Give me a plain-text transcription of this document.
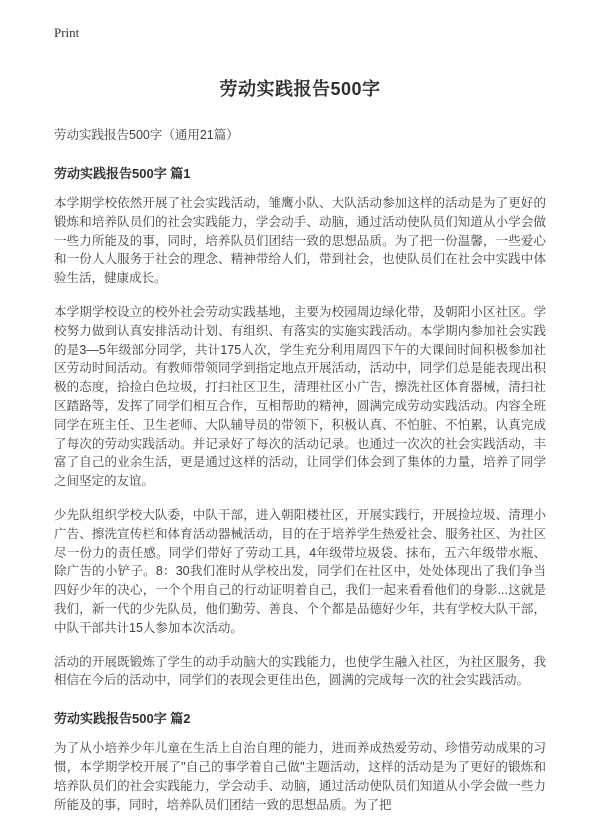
Print
劳动实践报告500字
劳动实践报告500字（通用21篇）
劳动实践报告500字 篇1

本学期学校依然开展了社会实践活动，雏鹰小队、大队活动参加这样的活动是为了更好的锻炼和培养队员们的社会实践能力，学会动手、动脑，通过活动使队员们知道从小学会做一些力所能及的事，同时，培养队员们团结一致的思想品质。为了把一份温馨，一些爱心和一份人人服务于社会的理念、精神带给人们，带到社会，也使队员们在社会中实践中体验生活，健康成长。

本学期学校设立的校外社会劳动实践基地，主要为校园周边绿化带，及朝阳小区社区。学校努力做到认真安排活动计划、有组织、有落实的实施实践活动。本学期内参加社会实践的是3—5年级部分同学，共计175人次，学生充分利用周四下午的大课间时间积极参加社区劳动时间活动。有教师带领同学到指定地点开展活动，活动中，同学们总是能表现出积极的态度，拾捡白色垃圾，打扫社区卫生，清理社区小广告，擦洗社区体育器械，清扫社区踏路等，发挥了同学们相互合作，互相帮助的精神，圆满完成劳动实践活动。内容全班同学在班主任、卫生老师、大队辅导员的带领下，积极认真、不怕脏、不怕累，认真完成了每次的劳动实践活动。并记录好了每次的活动记录。也通过一次次的社会实践活动，丰富了自己的业余生活，更是通过这样的活动，让同学们体会到了集体的力量，培养了同学之间坚定的友谊。

少先队组织学校大队委，中队干部，进入朝阳楼社区，开展实践行，开展捡垃圾、清理小广告、擦洗宣传栏和体育活动器械活动，目的在于培养学生热爱社会、服务社区、为社区尽一份力的责任感。同学们带好了劳动工具，4年级带垃圾袋、抹布，五六年级带水瓶、除广告的小铲子。8：30我们准时从学校出发，同学们在社区中，处处体现出了我们争当四好少年的决心，一个个用自己的行动证明着自己，我们一起来看看他们的身影...这就是我们，新一代的少先队员，他们勤劳、善良、个个都是品德好少年，共有学校大队干部，中队干部共计15人参加本次活动。

活动的开展既锻炼了学生的动手动脑大的实践能力，也使学生融入社区，为社区服务，我相信在今后的活动中，同学们的表现会更佳出色，圆满的完成每一次的社会实践活动。

劳动实践报告500字 篇2

为了从小培养少年儿童在生活上自治自理的能力，进而养成热爱劳动、珍惜劳动成果的习惯，本学期学校开展了"自己的事学着自己做"主题活动，这样的活动是为了更好的锻炼和培养队员们的社会实践能力，学会动手、动脑，通过活动使队员们知道从小学会做一些力所能及的事，同时，培养队员们团结一致的思想品质。为了把
